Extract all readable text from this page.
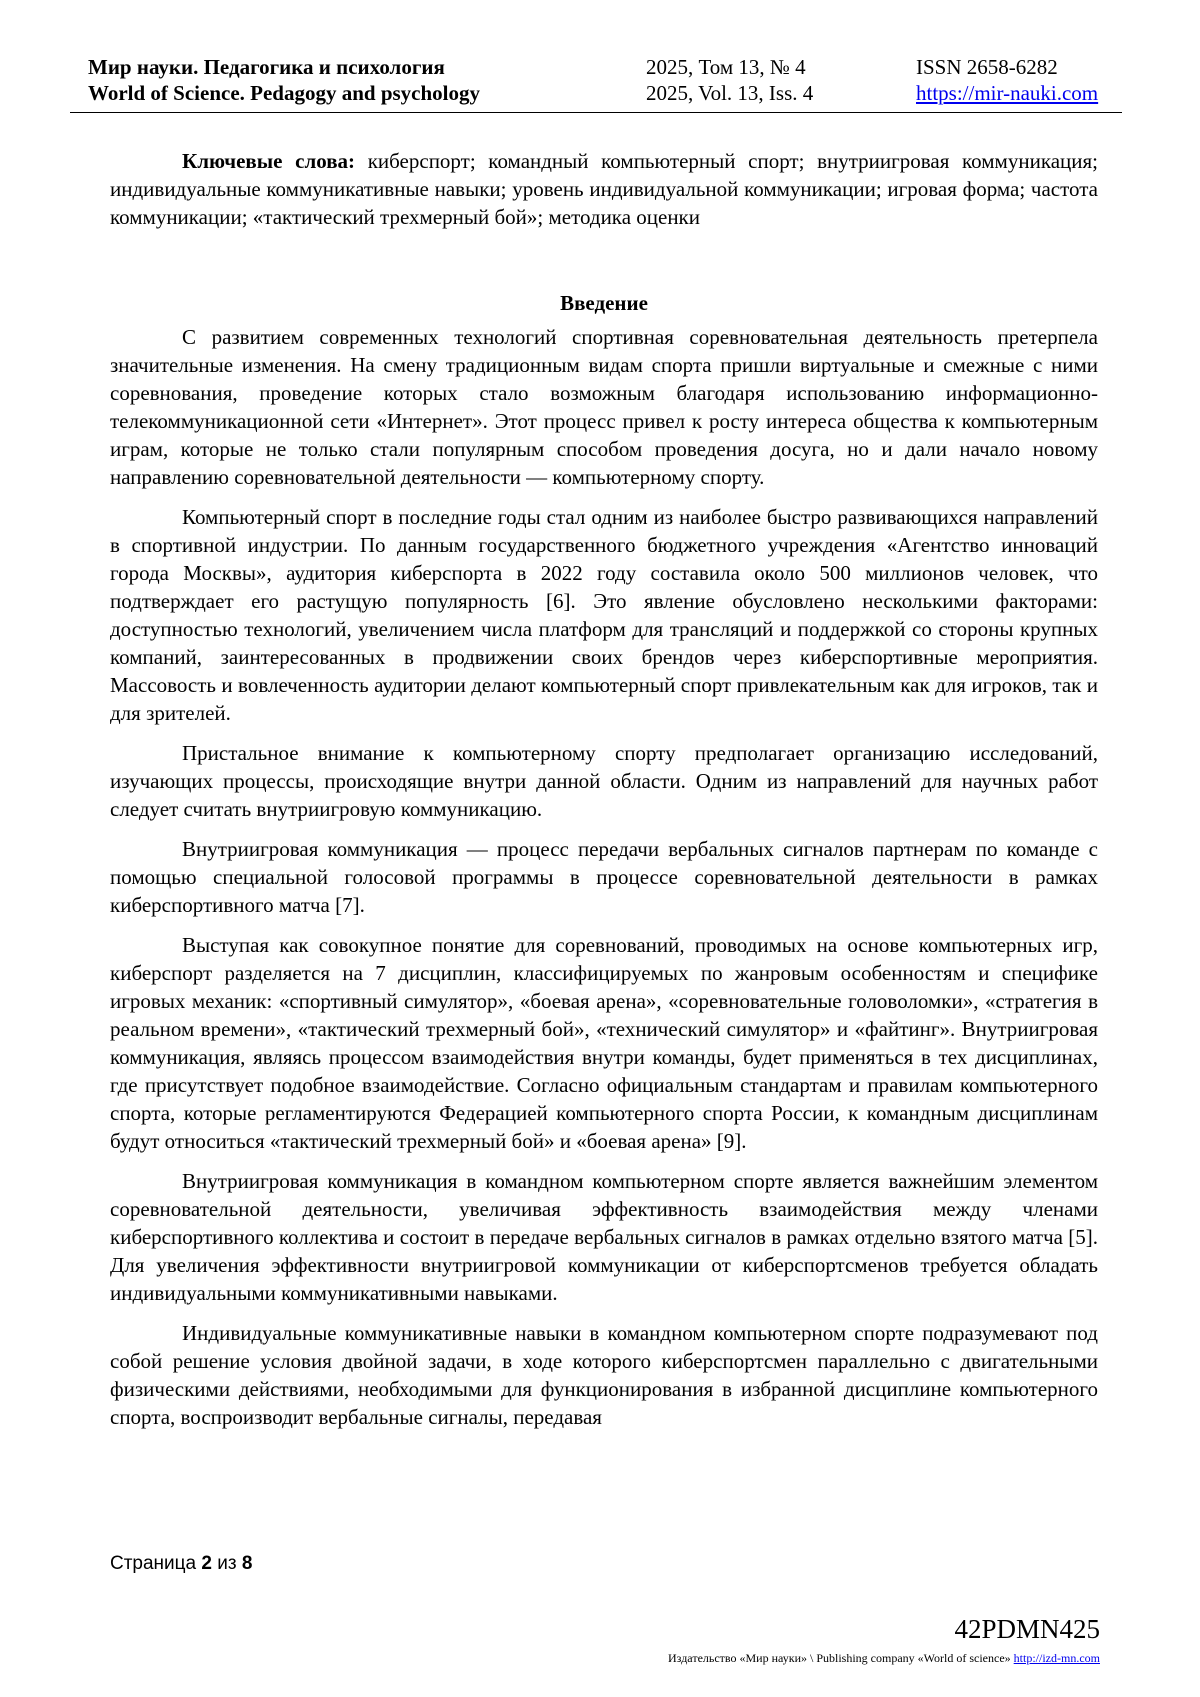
Мир науки. Педагогика и психология
World of Science. Pedagogy and psychology
2025, Том 13, № 4
2025, Vol. 13, Iss. 4
ISSN 2658-6282
https://mir-nauki.com

Ключевые слова: киберспорт; командный компьютерный спорт; внутриигровая коммуникация; индивидуальные коммуникативные навыки; уровень индивидуальной коммуникации; игровая форма; частота коммуникации; «тактический трехмерный бой»; методика оценки

Введение

С развитием современных технологий спортивная соревновательная деятельность претерпела значительные изменения. На смену традиционным видам спорта пришли виртуальные и смежные с ними соревнования, проведение которых стало возможным благодаря использованию информационно-телекоммуникационной сети «Интернет». Этот процесс привел к росту интереса общества к компьютерным играм, которые не только стали популярным способом проведения досуга, но и дали начало новому направлению соревновательной деятельности — компьютерному спорту.

Компьютерный спорт в последние годы стал одним из наиболее быстро развивающихся направлений в спортивной индустрии. По данным государственного бюджетного учреждения «Агентство инноваций города Москвы», аудитория киберспорта в 2022 году составила около 500 миллионов человек, что подтверждает его растущую популярность [6]. Это явление обусловлено несколькими факторами: доступностью технологий, увеличением числа платформ для трансляций и поддержкой со стороны крупных компаний, заинтересованных в продвижении своих брендов через киберспортивные мероприятия. Массовость и вовлеченность аудитории делают компьютерный спорт привлекательным как для игроков, так и для зрителей.

Пристальное внимание к компьютерному спорту предполагает организацию исследований, изучающих процессы, происходящие внутри данной области. Одним из направлений для научных работ следует считать внутриигровую коммуникацию.

Внутриигровая коммуникация — процесс передачи вербальных сигналов партнерам по команде с помощью специальной голосовой программы в процессе соревновательной деятельности в рамках киберспортивного матча [7].

Выступая как совокупное понятие для соревнований, проводимых на основе компьютерных игр, киберспорт разделяется на 7 дисциплин, классифицируемых по жанровым особенностям и специфике игровых механик: «спортивный симулятор», «боевая арена», «соревновательные головоломки», «стратегия в реальном времени», «тактический трехмерный бой», «технический симулятор» и «файтинг». Внутриигровая коммуникация, являясь процессом взаимодействия внутри команды, будет применяться в тех дисциплинах, где присутствует подобное взаимодействие. Согласно официальным стандартам и правилам компьютерного спорта, которые регламентируются Федерацией компьютерного спорта России, к командным дисциплинам будут относиться «тактический трехмерный бой» и «боевая арена» [9].

Внутриигровая коммуникация в командном компьютерном спорте является важнейшим элементом соревновательной деятельности, увеличивая эффективность взаимодействия между членами киберспортивного коллектива и состоит в передаче вербальных сигналов в рамках отдельно взятого матча [5]. Для увеличения эффективности внутриигровой коммуникации от киберспортсменов требуется обладать индивидуальными коммуникативными навыками.

Индивидуальные коммуникативные навыки в командном компьютерном спорте подразумевают под собой решение условия двойной задачи, в ходе которого киберспортсмен параллельно с двигательными физическими действиями, необходимыми для функционирования в избранной дисциплине компьютерного спорта, воспроизводит вербальные сигналы, передавая

Страница 2 из 8
42PDMN425
Издательство «Мир науки» \ Publishing company «World of science» http://izd-mn.com
